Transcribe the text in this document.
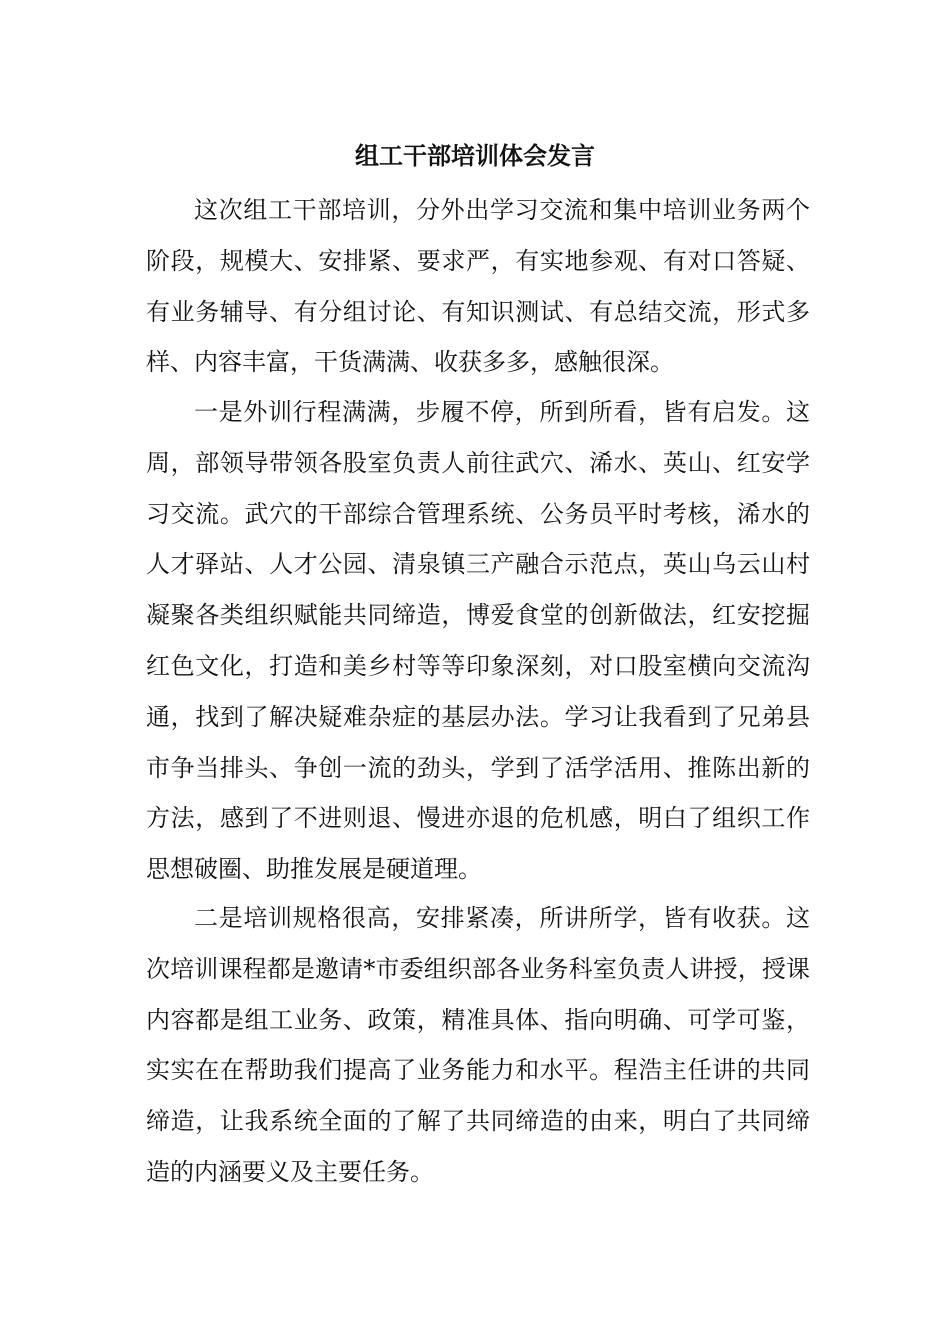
组工干部培训体会发言
这次组工干部培训，分外出学习交流和集中培训业务两个
阶段，规模大、安排紧、要求严，有实地参观、有对口答疑、
有业务辅导、有分组讨论、有知识测试、有总结交流，形式多
样、内容丰富，干货满满、收获多多，感触很深。
一是外训行程满满，步履不停，所到所看，皆有启发。这
周，部领导带领各股室负责人前往武穴、浠水、英山、红安学
习交流。武穴的干部综合管理系统、公务员平时考核，浠水的
人才驿站、人才公园、清泉镇三产融合示范点，英山乌云山村
凝聚各类组织赋能共同缔造，博爱食堂的创新做法，红安挖掘
红色文化，打造和美乡村等等印象深刻，对口股室横向交流沟
通，找到了解决疑难杂症的基层办法。学习让我看到了兄弟县
市争当排头、争创一流的劲头，学到了活学活用、推陈出新的
方法，感到了不进则退、慢进亦退的危机感，明白了组织工作
思想破圈、助推发展是硬道理。
二是培训规格很高，安排紧凑，所讲所学，皆有收获。这
次培训课程都是邀请*市委组织部各业务科室负责人讲授，授课
内容都是组工业务、政策，精准具体、指向明确、可学可鉴，
实实在在帮助我们提高了业务能力和水平。程浩主任讲的共同
缔造，让我系统全面的了解了共同缔造的由来，明白了共同缔
造的内涵要义及主要任务。
